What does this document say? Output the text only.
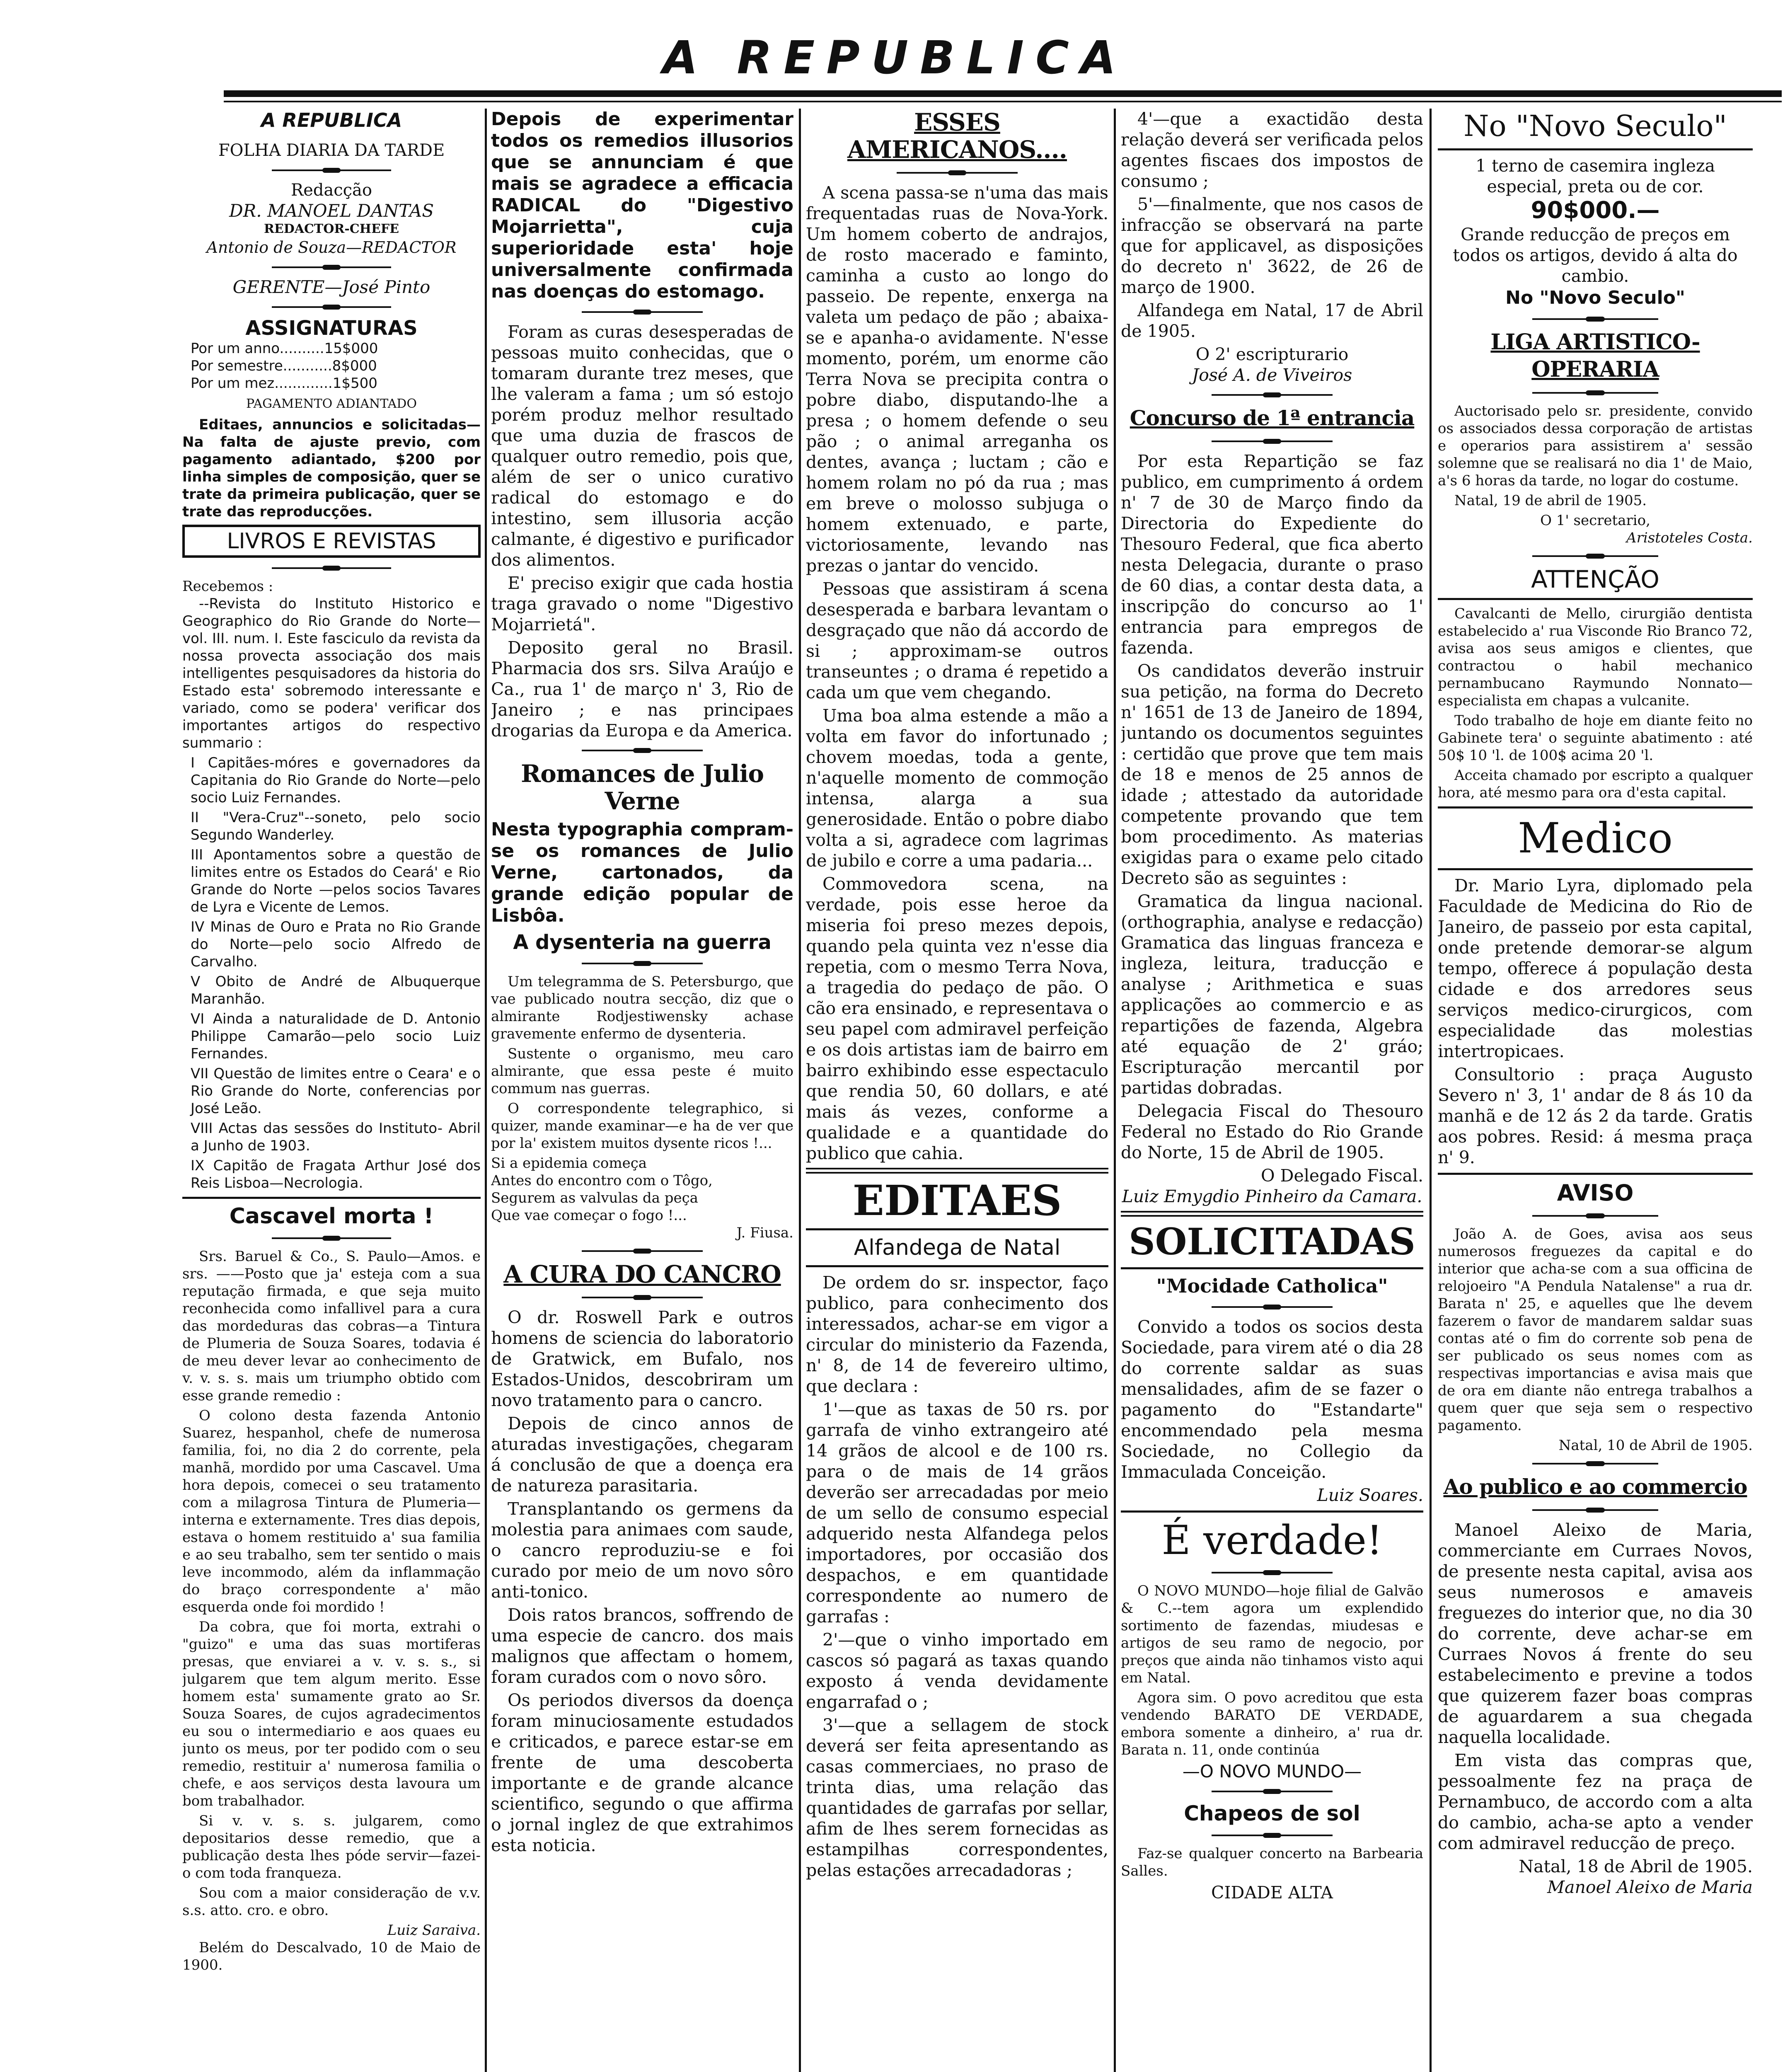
A REPUBLICA
A REPUBLICA
FOLHA DIARIA DA TARDE
Redacção
DR. MANOEL DANTAS
REDACTOR-CHEFE
Antonio de Souza—REDACTOR
GERENTE—José Pinto
ASSIGNATURAS
Por um anno..........15$000
Por semestre...........8$000
Por um mez.............1$500
PAGAMENTO ADIANTADO

Editaes, annuncios e solicitadas—Na falta de ajuste previo, com pagamento adiantado, $200 por linha simples de composição, quer se trate da primeira publicação, quer se trate das reproducções.

LIVROS E REVISTAS
Recebemos :

--Revista do Instituto Historico e Geographico do Rio Grande do Norte—vol. III. num. I. Este fasciculo da revista da nossa provecta associação dos mais intelligentes pesquisadores da historia do Estado esta' sobremodo interessante e variado, como se podera' verificar dos importantes artigos do respectivo summario :

I Capitães-móres e governadores da Capitania do Rio Grande do Norte—pelo socio Luiz Fernandes.

II "Vera-Cruz"--soneto, pelo socio Segundo Wanderley.

III Apontamentos sobre a questão de limites entre os Estados do Ceará' e Rio Grande do Norte —pelos socios Tavares de Lyra e Vicente de Lemos.

IV Minas de Ouro e Prata no Rio Grande do Norte—pelo socio Alfredo de Carvalho.

V Obito de André de Albuquerque Maranhão.

VI Ainda a naturalidade de D. Antonio Philippe Camarão—pelo socio Luiz Fernandes.

VII Questão de limites entre o Ceara' e o Rio Grande do Norte, conferencias por José Leão.

VIII Actas das sessões do Instituto- Abril a Junho de 1903.

IX Capitão de Fragata Arthur José dos Reis Lisboa—Necrologia.

Cascavel morta !

Srs. Baruel & Co., S. Paulo—Amos. e srs. ——Posto que ja' esteja com a sua reputação firmada, e que seja muito reconhecida como infallivel para a cura das mordeduras das cobras—a Tintura de Plumeria de Souza Soares, todavia é de meu dever levar ao conhecimento de v. v. s. s. mais um triumpho obtido com esse grande remedio :

O colono desta fazenda Antonio Suarez, hespanhol, chefe de numerosa familia, foi, no dia 2 do corrente, pela manhã, mordido por uma Cascavel. Uma hora depois, comecei o seu tratamento com a milagrosa Tintura de Plumeria—interna e externamente. Tres dias depois, estava o homem restituido a' sua familia e ao seu trabalho, sem ter sentido o mais leve incommodo, além da inflammação do braço correspondente a' mão esquerda onde foi mordido !

Da cobra, que foi morta, extrahi o "guizo" e uma das suas mortiferas presas, que enviarei a v. v. s. s., si julgarem que tem algum merito. Esse homem esta' sumamente grato ao Sr. Souza Soares, de cujos agradecimentos eu sou o intermediario e aos quaes eu junto os meus, por ter podido com o seu remedio, restituir a' numerosa familia o chefe, e aos serviços desta lavoura um bom trabalhador.

Si v. v. s. s. julgarem, como depositarios desse remedio, que a publicação desta lhes póde servir—fazei-o com toda franqueza.

Sou com a maior consideração de v.v. s.s. atto. cro. e obro.

Luiz Saraiva.

Belém do Descalvado, 10 de Maio de 1900.

Depois de experimentar todos os remedios illusorios que se annunciam é que mais se agradece a efficacia RADICAL do "Digestivo Mojarrietta", cuja superioridade esta' hoje universalmente confirmada nas doenças do estomago.

Foram as curas desesperadas de pessoas muito conhecidas, que o tomaram durante trez meses, que lhe valeram a fama ; um só estojo porém produz melhor resultado que uma duzia de frascos de qualquer outro remedio, pois que, além de ser o unico curativo radical do estomago e do intestino, sem illusoria acção calmante, é digestivo e purificador dos alimentos.

E' preciso exigir que cada hostia traga gravado o nome "Digestivo Mojarrietá".

Deposito geral no Brasil. Pharmacia dos srs. Silva Araújo e Ca., rua 1' de março n' 3, Rio de Janeiro ; e nas principaes drogarias da Europa e da America.

Romances de Julio Verne
Nesta typographia compram-se os romances de Julio Verne, cartonados, da grande edição popular de Lisbôa.
A dysenteria na guerra

Um telegramma de S. Petersburgo, que vae publicado noutra secção, diz que o almirante Rodjestiwensky achase gravemente enfermo de dysenteria.

Sustente o organismo, meu caro almirante, que essa peste é muito commum nas guerras.

O correspondente telegraphico, si quizer, mande examinar—e ha de ver que por la' existem muitos dysente ricos !...

Si a epidemia começa
Antes do encontro com o Tôgo,
Segurem as valvulas da peça
Que vae começar o fogo !...
J. Fiusa.
A CURA DO CANCRO

O dr. Roswell Park e outros homens de sciencia do laboratorio de Gratwick, em Bufalo, nos Estados-Unidos, descobriram um novo tratamento para o cancro.

Depois de cinco annos de aturadas investigações, chegaram á conclusão de que a doença era de natureza parasitaria.

Transplantando os germens da molestia para animaes com saude, o cancro reproduziu-se e foi curado por meio de um novo sôro anti-tonico.

Dois ratos brancos, soffrendo de uma especie de cancro. dos mais malignos que affectam o homem, foram curados com o novo sôro.

Os periodos diversos da doença foram minuciosamente estudados e criticados, e parece estar-se em frente de uma descoberta importante e de grande alcance scientifico, segundo o que affirma o jornal inglez de que extrahimos esta noticia.

ESSES AMERICANOS....

A scena passa-se n'uma das mais frequentadas ruas de Nova-York. Um homem coberto de andrajos, de rosto macerado e faminto, caminha a custo ao longo do passeio. De repente, enxerga na valeta um pedaço de pão ; abaixa-se e apanha-o avidamente. N'esse momento, porém, um enorme cão Terra Nova se precipita contra o pobre diabo, disputando-lhe a presa ; o homem defende o seu pão ; o animal arreganha os dentes, avança ; luctam ; cão e homem rolam no pó da rua ; mas em breve o molosso subjuga o homem extenuado, e parte, victoriosamente, levando nas prezas o jantar do vencido.

Pessoas que assistiram á scena desesperada e barbara levantam o desgraçado que não dá accordo de si ; approximam-se outros transeuntes ; o drama é repetido a cada um que vem chegando.

Uma boa alma estende a mão a volta em favor do infortunado ; chovem moedas, toda a gente, n'aquelle momento de commoção intensa, alarga a sua generosidade. Então o pobre diabo volta a si, agradece com lagrimas de jubilo e corre a uma padaria...

Commovedora scena, na verdade, pois esse heroe da miseria foi preso mezes depois, quando pela quinta vez n'esse dia repetia, com o mesmo Terra Nova, a tragedia do pedaço de pão. O cão era ensinado, e representava o seu papel com admiravel perfeição e os dois artistas iam de bairro em bairro exhibindo esse espectaculo que rendia 50, 60 dollars, e até mais ás vezes, conforme a qualidade e a quantidade do publico que cahia.

EDITAES
Alfandega de Natal

De ordem do sr. inspector, faço publico, para conhecimento dos interessados, achar-se em vigor a circular do ministerio da Fazenda, n' 8, de 14 de fevereiro ultimo, que declara :

1'—que as taxas de 50 rs. por garrafa de vinho extrangeiro até 14 grãos de alcool e de 100 rs. para o de mais de 14 grãos deverão ser arrecadadas por meio de um sello de consumo especial adquerido nesta Alfandega pelos importadores, por occasião dos despachos, e em quantidade correspondente ao numero de garrafas :

2'—que o vinho importado em cascos só pagará as taxas quando exposto á venda devidamente engarrafad o ;

3'—que a sellagem de stock deverá ser feita apresentando as casas commerciaes, no praso de trinta dias, uma relação das quantidades de garrafas por sellar, afim de lhes serem fornecidas as estampilhas correspondentes, pelas estações arrecadadoras ;

4'—que a exactidão desta relação deverá ser verificada pelos agentes fiscaes dos impostos de consumo ;

5'—finalmente, que nos casos de infracção se observará na parte que for applicavel, as disposições do decreto n' 3622, de 26 de março de 1900.

Alfandega em Natal, 17 de Abril de 1905.

O 2' escripturario
José A. de Viveiros
Concurso de 1ª entrancia

Por esta Repartição se faz publico, em cumprimento á ordem n' 7 de 30 de Março findo da Directoria do Expediente do Thesouro Federal, que fica aberto nesta Delegacia, durante o praso de 60 dias, a contar desta data, a inscripção do concurso ao 1' entrancia para empregos de fazenda.

Os candidatos deverão instruir sua petição, na forma do Decreto n' 1651 de 13 de Janeiro de 1894, juntando os documentos seguintes : certidão que prove que tem mais de 18 e menos de 25 annos de idade ; attestado da autoridade competente provando que tem bom procedimento. As materias exigidas para o exame pelo citado Decreto são as seguintes :

Gramatica da lingua nacional. (orthographia, analyse e redacção) Gramatica das linguas franceza e ingleza, leitura, traducção e analyse ; Arithmetica e suas applicações ao commercio e as repartições de fazenda, Algebra até equação de 2' gráo; Escripturação mercantil por partidas dobradas.

Delegacia Fiscal do Thesouro Federal no Estado do Rio Grande do Norte, 15 de Abril de 1905.

O Delegado Fiscal.
Luiz Emygdio Pinheiro da Camara.
SOLICITADAS
"Mocidade Catholica"

Convido a todos os socios desta Sociedade, para virem até o dia 28 do corrente saldar as suas mensalidades, afim de se fazer o pagamento do "Estandarte" encommendado pela mesma Sociedade, no Collegio da Immaculada Conceição.

Luiz Soares.
É verdade!

O NOVO MUNDO—hoje filial de Galvão & C.--tem agora um explendido sortimento de fazendas, miudesas e artigos de seu ramo de negocio, por preços que ainda não tinhamos visto aqui em Natal.

Agora sim. O povo acreditou que esta vendendo BARATO DE VERDADE, embora somente a dinheiro, a' rua dr. Barata n. 11, onde continúa

—O NOVO MUNDO—
Chapeos de sol

Faz-se qualquer concerto na Barbearia Salles.

CIDADE ALTA
No "Novo Seculo"
1 terno de casemira ingleza especial, preta ou de cor.
90$000.—
Grande reducção de preços em todos os artigos, devido á alta do cambio.
No "Novo Seculo"
LIGA ARTISTICO-OPERARIA

Auctorisado pelo sr. presidente, convido os associados dessa corporação de artistas e operarios para assistirem a' sessão solemne que se realisará no dia 1' de Maio, a's 6 horas da tarde, no logar do costume.

Natal, 19 de abril de 1905.

O 1' secretario,
Aristoteles Costa.
ATTENÇÃO

Cavalcanti de Mello, cirurgião dentista estabelecido a' rua Visconde Rio Branco 72, avisa aos seus amigos e clientes, que contractou o habil mechanico pernambucano Raymundo Nonnato—especialista em chapas a vulcanite.

Todo trabalho de hoje em diante feito no Gabinete tera' o seguinte abatimento : até 50$ 10 'l. de 100$ acima 20 'l.

Acceita chamado por escripto a qualquer hora, até mesmo para ora d'esta capital.

Medico

Dr. Mario Lyra, diplomado pela Faculdade de Medicina do Rio de Janeiro, de passeio por esta capital, onde pretende demorar-se algum tempo, offerece á população desta cidade e dos arredores seus serviços medico-cirurgicos, com especialidade das molestias intertropicaes.

Consultorio : praça Augusto Severo n' 3, 1' andar de 8 ás 10 da manhã e de 12 ás 2 da tarde. Gratis aos pobres. Resid: á mesma praça n' 9.

AVISO

João A. de Goes, avisa aos seus numerosos freguezes da capital e do interior que acha-se com a sua officina de relojoeiro "A Pendula Natalense" a rua dr. Barata n' 25, e aquelles que lhe devem fazerem o favor de mandarem saldar suas contas até o fim do corrente sob pena de ser publicado os seus nomes com as respectivas importancias e avisa mais que de ora em diante não entrega trabalhos a quem quer que seja sem o respectivo pagamento.

Natal, 10 de Abril de 1905.
Ao publico e ao commercio

Manoel Aleixo de Maria, commerciante em Curraes Novos, de presente nesta capital, avisa aos seus numerosos e amaveis freguezes do interior que, no dia 30 do corrente, deve achar-se em Curraes Novos á frente do seu estabelecimento e previne a todos que quizerem fazer boas compras de aguardarem a sua chegada naquella localidade.

Em vista das compras que, pessoalmente fez na praça de Pernambuco, de accordo com a alta do cambio, acha-se apto a vender com admiravel reducção de preço.

Natal, 18 de Abril de 1905.
Manoel Aleixo de Maria
